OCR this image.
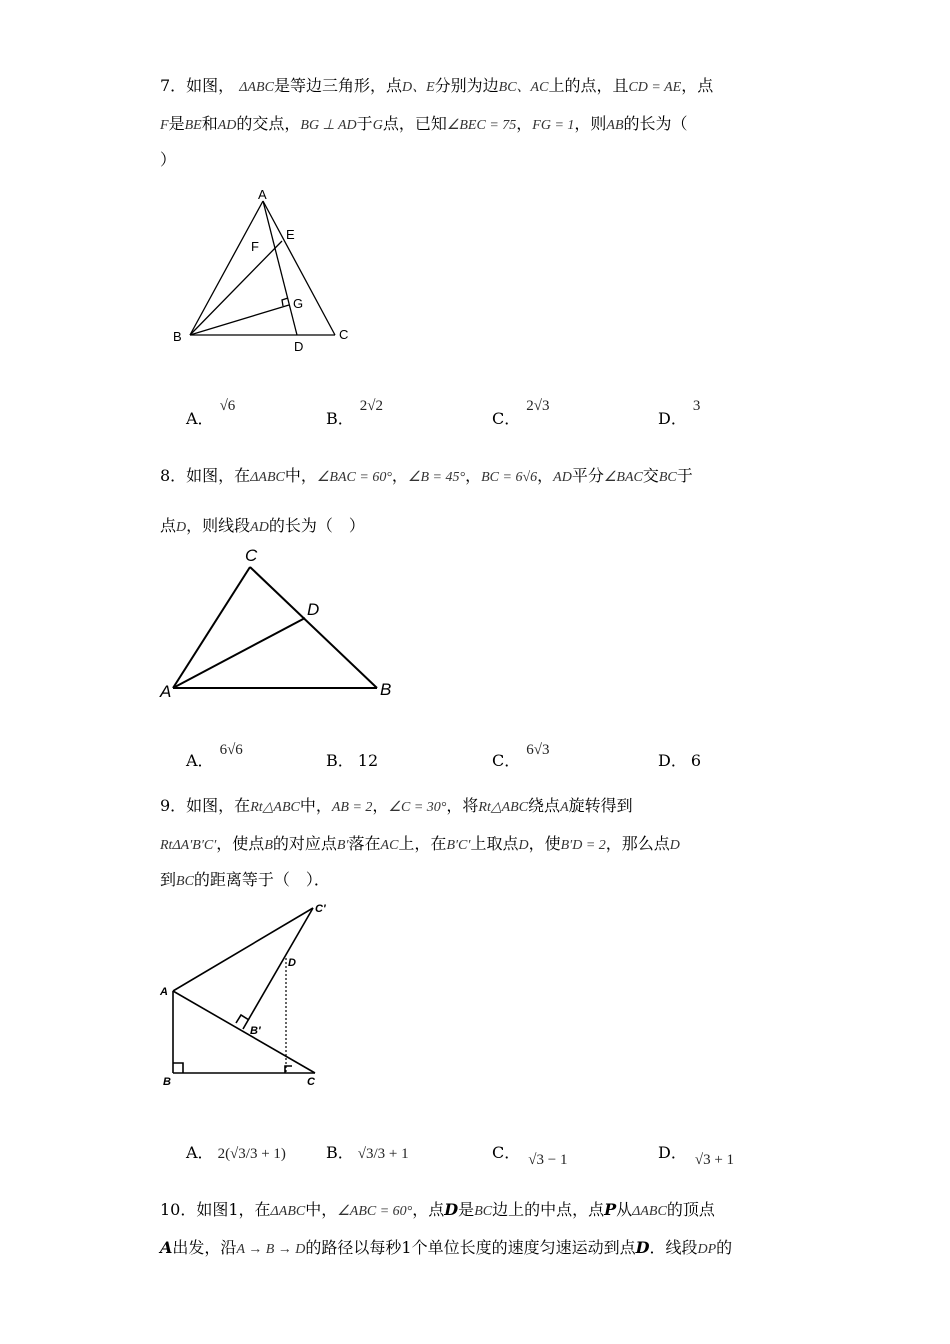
7．如图， ΔABC是等边三角形，点D、E分别为边BC、AC上的点，且CD = AE，点
F是BE和AD的交点，BG ⊥ AD于G点，已知∠BEC = 75，FG = 1，则AB的长为（
）
A
B	C
D
E
F
G
A．√6
B．2√2
C．2√3
D．3
8．如图，在ΔABC中，∠BAC = 60°，∠B = 45°，BC = 6√6，AD平分∠BAC交BC于
点D，则线段AD的长为（　）
C
D
A	B
A．6√6
B． 12	C．6√3
D． 6
9．如图，在Rt△ABC中，AB = 2，∠C = 30°，将Rt△ABC绕点A旋转得到
RtΔA′B′C′，使点B的对应点B′落在AC上，在B′C′上取点D，使B′D = 2，那么点D
到BC的距离等于（　）．
A
B	C
C′
D
B′
A． 2(√3/3 + 1)	B． √3/3 + 1	C． √3 − 1	D． √3 + 1
10．如图1，在ΔABC中，∠ABC = 60°，点D是BC边上的中点，点P从ΔABC的顶点
A出发，沿A → B → D的路径以每秒1个单位长度的速度匀速运动到点D．线段DP的
